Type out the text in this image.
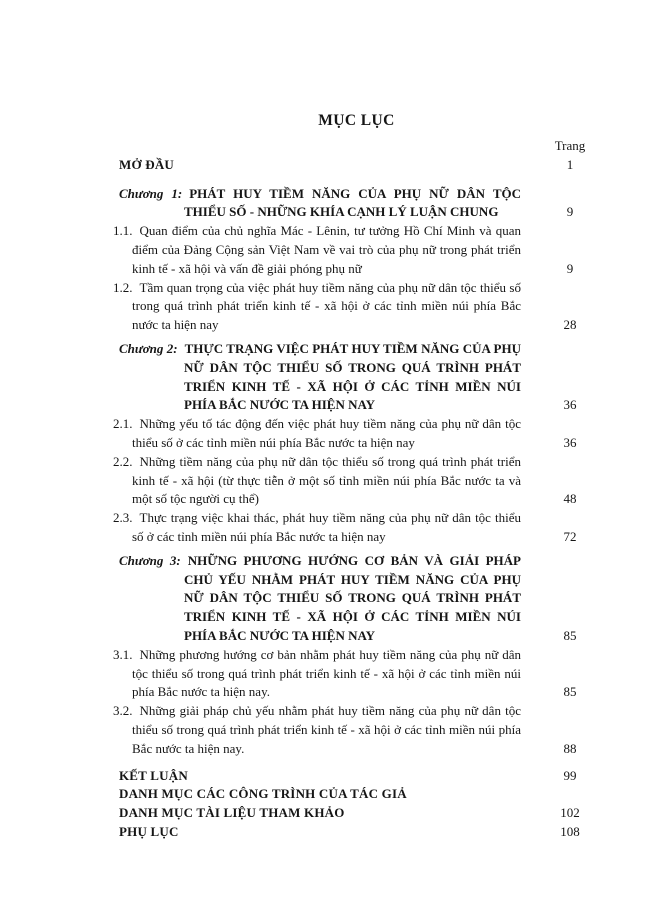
MỤC LỤC
Trang
MỞ ĐẦU	1
Chương 1: PHÁT HUY TIỀM NĂNG CỦA PHỤ NỮ DÂN TỘC THIỂU SỐ - NHỮNG KHÍA CẠNH LÝ LUẬN CHUNG	9
1.1. Quan điểm của chủ nghĩa Mác - Lênin, tư tưởng Hồ Chí Minh và quan điểm của Đảng Cộng sản Việt Nam về vai trò của phụ nữ trong phát triển kinh tế - xã hội và vấn đề giải phóng phụ nữ	9
1.2. Tầm quan trọng của việc phát huy tiềm năng của phụ nữ dân tộc thiểu số trong quá trình phát triển kinh tế - xã hội ở các tỉnh miền núi phía Bắc nước ta hiện nay	28
Chương 2: THỰC TRẠNG VIỆC PHÁT HUY TIỀM NĂNG CỦA PHỤ NỮ DÂN TỘC THIỂU SỐ TRONG QUÁ TRÌNH PHÁT TRIỂN KINH TẾ - XÃ HỘI Ở CÁC TỈNH MIỀN NÚI PHÍA BẮC NƯỚC TA HIỆN NAY	36
2.1. Những yếu tố tác động đến việc phát huy tiềm năng của phụ nữ dân tộc thiểu số ở các tỉnh miền núi phía Bắc nước ta hiện nay	36
2.2. Những tiềm năng của phụ nữ dân tộc thiểu số trong quá trình phát triển kinh tế - xã hội (từ thực tiễn ở một số tỉnh miền núi phía Bắc nước ta và một số tộc người cụ thể)	48
2.3. Thực trạng việc khai thác, phát huy tiềm năng của phụ nữ dân tộc thiểu số ở các tỉnh miền núi phía Bắc nước ta hiện nay	72
Chương 3: NHỮNG PHƯƠNG HƯỚNG CƠ BẢN VÀ GIẢI PHÁP CHỦ YẾU NHẰM PHÁT HUY TIỀM NĂNG CỦA PHỤ NỮ DÂN TỘC THIỂU SỐ TRONG QUÁ TRÌNH PHÁT TRIỂN KINH TẾ - XÃ HỘI Ở CÁC TỈNH MIỀN NÚI PHÍA BẮC NƯỚC TA HIỆN NAY	85
3.1. Những phương hướng cơ bản nhằm phát huy tiềm năng của phụ nữ dân tộc thiểu số trong quá trình phát triển kinh tế - xã hội ở các tỉnh miền núi phía Bắc nước ta hiện nay.	85
3.2. Những giải pháp chủ yếu nhằm phát huy tiềm năng của phụ nữ dân tộc thiểu số trong quá trình phát triển kinh tế - xã hội ở các tỉnh miền núi phía Bắc nước ta hiện nay.	88
KẾT LUẬN	99
DANH MỤC CÁC CÔNG TRÌNH CỦA TÁC GIẢ
DANH MỤC TÀI LIỆU THAM KHẢO	102
PHỤ LỤC	108
